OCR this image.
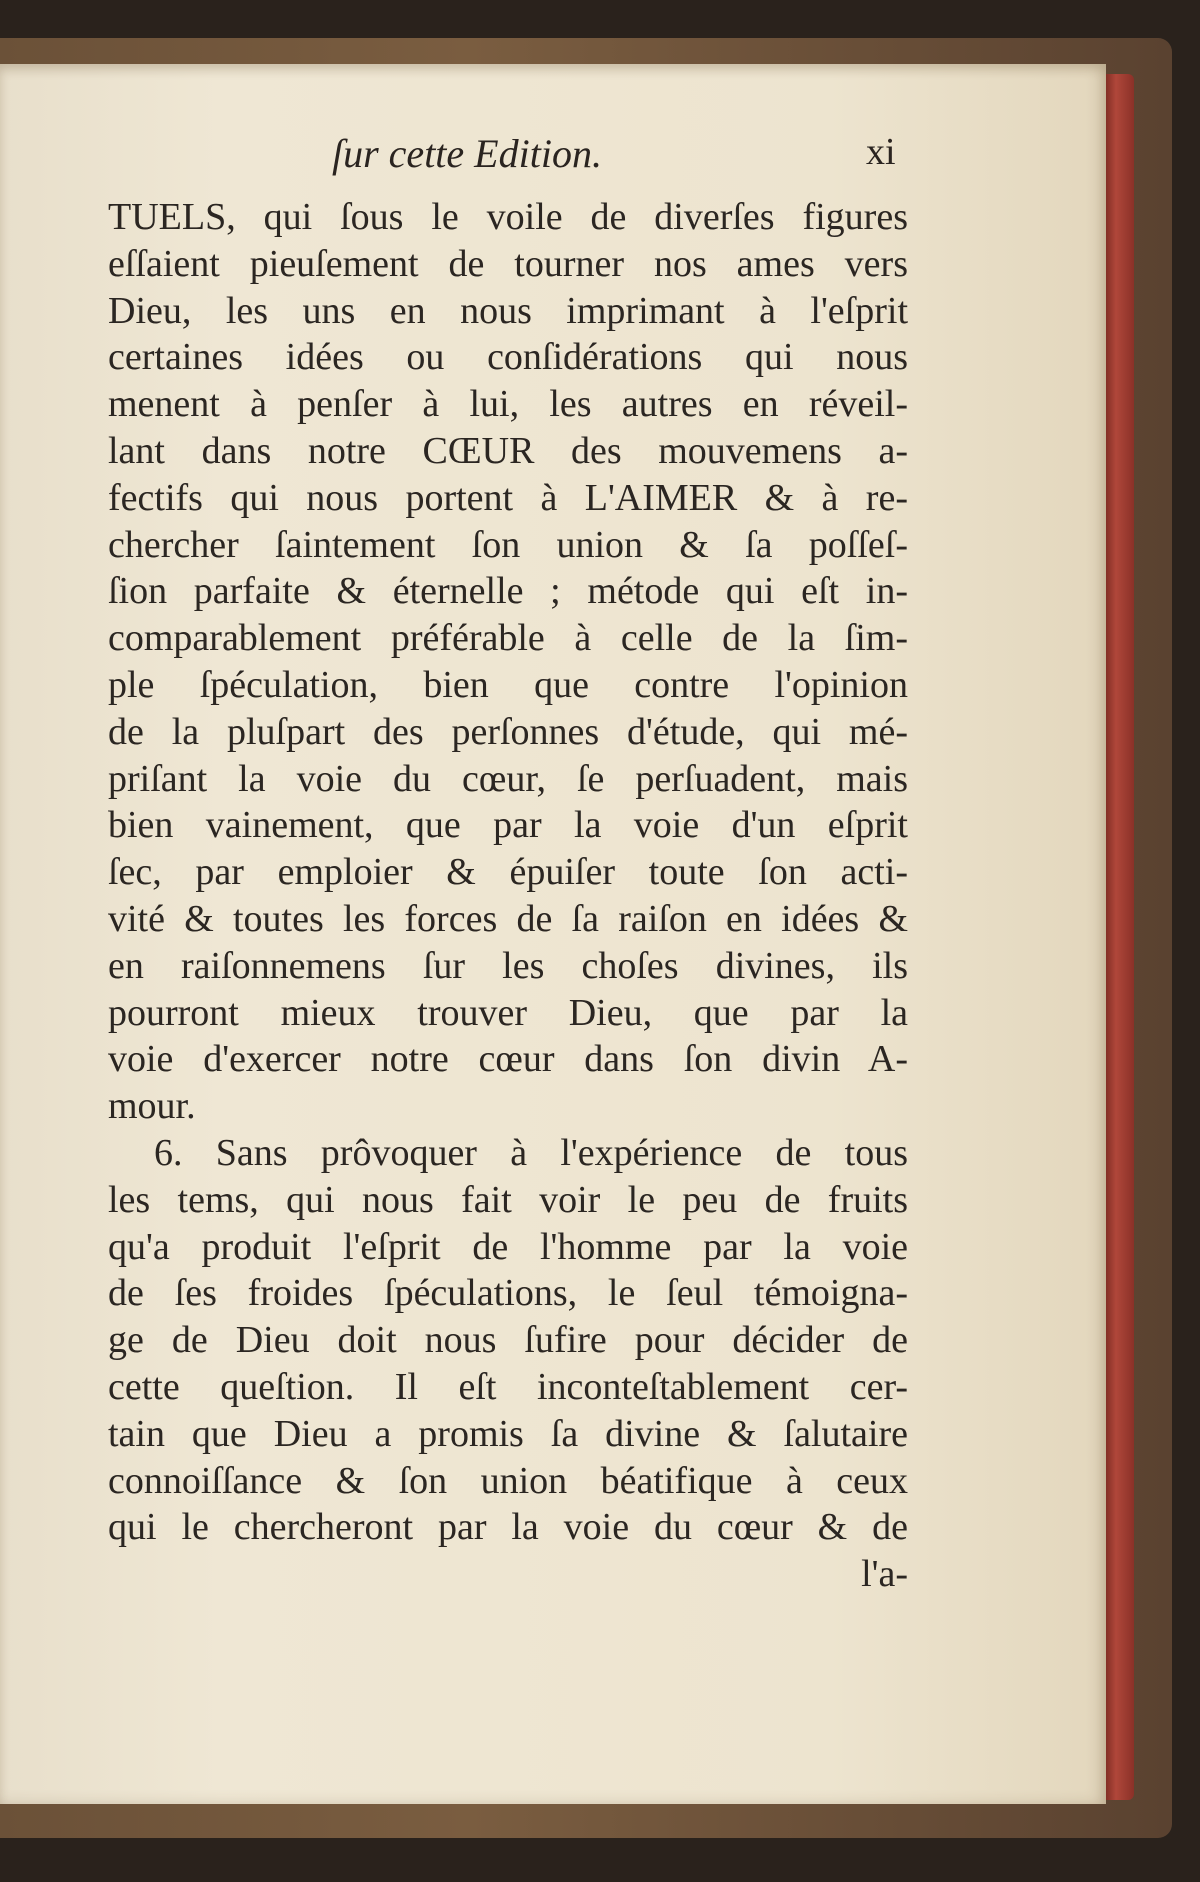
ſur cette Edition.	xi
TUELS, qui ſous le voile de diverſes figures
eſſaient pieuſement de tourner nos ames vers
Dieu, les uns en nous imprimant à l'eſprit
certaines idées ou conſidérations qui nous
menent à penſer à lui, les autres en réveil-
lant dans notre CŒUR des mouvemens a-
fectifs qui nous portent à L'AIMER & à re-
chercher ſaintement ſon union & ſa poſſeſ-
ſion parfaite & éternelle ; métode qui eſt in-
comparablement préférable à celle de la ſim-
ple ſpéculation, bien que contre l'opinion
de la pluſpart des perſonnes d'étude, qui mé-
priſant la voie du cœur, ſe perſuadent, mais
bien vainement, que par la voie d'un eſprit
ſec, par emploier & épuiſer toute ſon acti-
vité & toutes les forces de ſa raiſon en idées &
en raiſonnemens ſur les choſes divines, ils
pourront mieux trouver Dieu, que par la
voie d'exercer notre cœur dans ſon divin A-
mour.
6. Sans prôvoquer à l'expérience de tous
les tems, qui nous fait voir le peu de fruits
qu'a produit l'eſprit de l'homme par la voie
de ſes froides ſpéculations, le ſeul témoigna-
ge de Dieu doit nous ſufire pour décider de
cette queſtion. Il eſt inconteſtablement cer-
tain que Dieu a promis ſa divine & ſalutaire
connoiſſance & ſon union béatifique à ceux
qui le chercheront par la voie du cœur & de
l'a-
